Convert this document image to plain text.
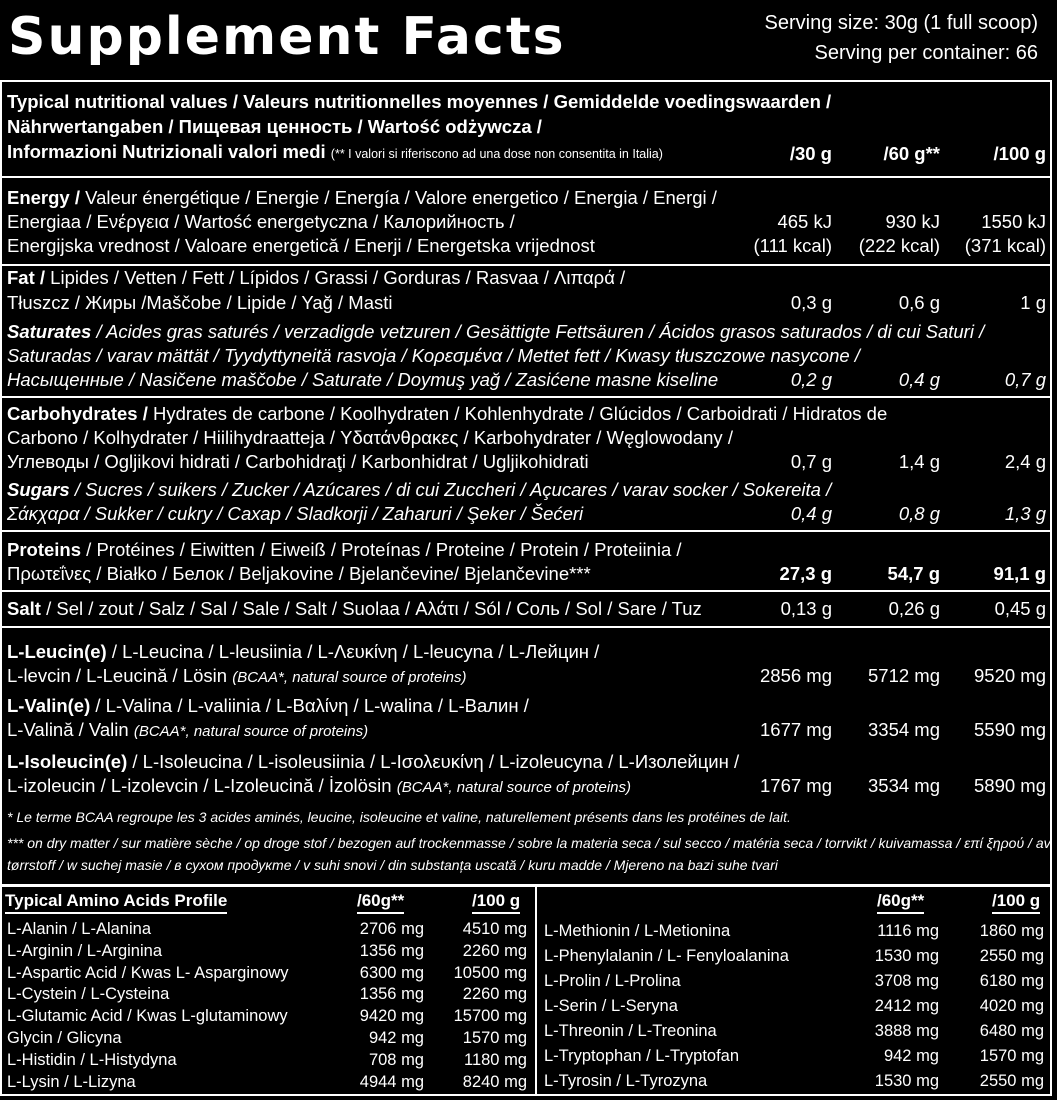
Supplement Facts	Serving size: 30g (1 full scoop)
Serving per container: 66
Typical nutritional values / Valeurs nutritionnelles moyennes / Gemiddelde voedingswaarden /
Nährwertangaben / Пищевая ценность / Wartość odżywcza /
Informazioni Nutrizionali valori medi (** I valori si riferiscono ad una dose non consentita in Italia)	/30 g	/60 g**	/100 g
Energy / Valeur énergétique / Energie / Energía / Valore energetico / Energia / Energi /
Energiaa / Ενέργεια / Wartość energetyczna / Калорийность /
Energijska vrednost / Valoare energetică / Enerji / Energetska vrijednost
465 kJ	930 kJ	1550 kJ
(111 kcal)	(222 kcal)	(371 kcal)
Fat / Lipides / Vetten / Fett / Lípidos / Grassi / Gorduras / Rasvaa / Λιπαρά /
Tłuszcz / Жиры /Maščobe / Lipide / Yağ / Masti	0,3 g	0,6 g	1 g
Saturates / Acides gras saturés / verzadigde vetzuren / Gesättigte Fettsäuren / Ácidos grasos saturados / di cui Saturi /
Saturadas / varav mättät / Tyydyttyneitä rasvoja / Κορεσμένα / Mettet fett / Kwasy tłuszczowe nasycone /
Насыщенные / Nasičene maščobe / Saturate / Doymuş yağ / Zasićene masne kiseline	0,2 g	0,4 g	0,7 g
Carbohydrates / Hydrates de carbone / Koolhydraten / Kohlenhydrate / Glúcidos / Carboidrati / Hidratos de
Carbono / Kolhydrater / Hiilihydraatteja / Υδατάνθρακες / Karbohydrater / Węglowodany /
Углеводы / Ogljikovi hidrati / Carbohidraţi / Karbonhidrat / Ugljikohidrati	0,7 g	1,4 g	2,4 g
Sugars / Sucres / suikers / Zucker / Azúcares / di cui Zuccheri / Açucares / varav socker / Sokereita /
Σάκχαρα / Sukker / cukry / Сахар / Sladkorji / Zaharuri / Şeker / Šećeri	0,4 g	0,8 g	1,3 g
Proteins / Protéines / Eiwitten / Eiweiß / Proteínas / Proteine / Protein / Proteiinia /
Πρωτεΐνες / Białko / Белок / Beljakovine / Bjelančevine/ Bjelančevine***	27,3 g	54,7 g	91,1 g
Salt / Sel / zout / Salz / Sal / Sale / Salt / Suolaa / Αλάτι / Sól / Соль / Sol / Sare / Tuz	0,13 g	0,26 g	0,45 g
L-Leucin(e) / L-Leucina / L-leusiinia / L-Λευκίνη / L-leucyna / L-Лейцин /
L-levcin / L-Leucină / Lösin (BCAA*, natural source of proteins)	2856 mg	5712 mg	9520 mg
L-Valin(e) / L-Valina / L-valiinia / L-Βαλίνη / L-walina / L-Валин /
L-Valină / Valin (BCAA*, natural source of proteins)	1677 mg	3354 mg	5590 mg
L-Isoleucin(e) / L-Isoleucina / L-isoleusiinia / L-Ισολευκίνη / L-izoleucyna / L-Изолейцин /
L-izoleucin / L-izolevcin / L-Izoleucină / İzolösin (BCAA*, natural source of proteins)	1767 mg	3534 mg	5890 mg
* Le terme BCAA regroupe les 3 acides aminés, leucine, isoleucine et valine, naturellement présents dans les protéines de lait.
*** on dry matter / sur matière sèche / op droge stof / bezogen auf trockenmasse / sobre la materia seca / sul secco / matéria seca / torrvikt / kuivamassa / επί ξηρού / av
tørrstoff / w suchej masie / в сухом продукте / v suhi snovi / din substanța uscată / kuru madde / Mjereno na bazi suhe tvari
Typical Amino Acids Profile	/60g**	/100 g
L-Alanin / L-Alanina	2706 mg	4510 mg
L-Arginin / L-Arginina	1356 mg	2260 mg
L-Aspartic Acid / Kwas L- Asparginowy	6300 mg	10500 mg
L-Cystein / L-Cysteina	1356 mg	2260 mg
L-Glutamic Acid / Kwas L-glutaminowy	9420 mg	15700 mg
Glycin / Glicyna	942 mg	1570 mg
L-Histidin / L-Histydyna	708 mg	1180 mg
L-Lysin / L-Lizyna	4944 mg	8240 mg
/60g**	/100 g
L-Methionin / L-Metionina	1116 mg	1860 mg
L-Phenylalanin / L- Fenyloalanina	1530 mg	2550 mg
L-Prolin / L-Prolina	3708 mg	6180 mg
L-Serin / L-Seryna	2412 mg	4020 mg
L-Threonin / L-Treonina	3888 mg	6480 mg
L-Tryptophan / L-Tryptofan	942 mg	1570 mg
L-Tyrosin / L-Tyrozyna	1530 mg	2550 mg
